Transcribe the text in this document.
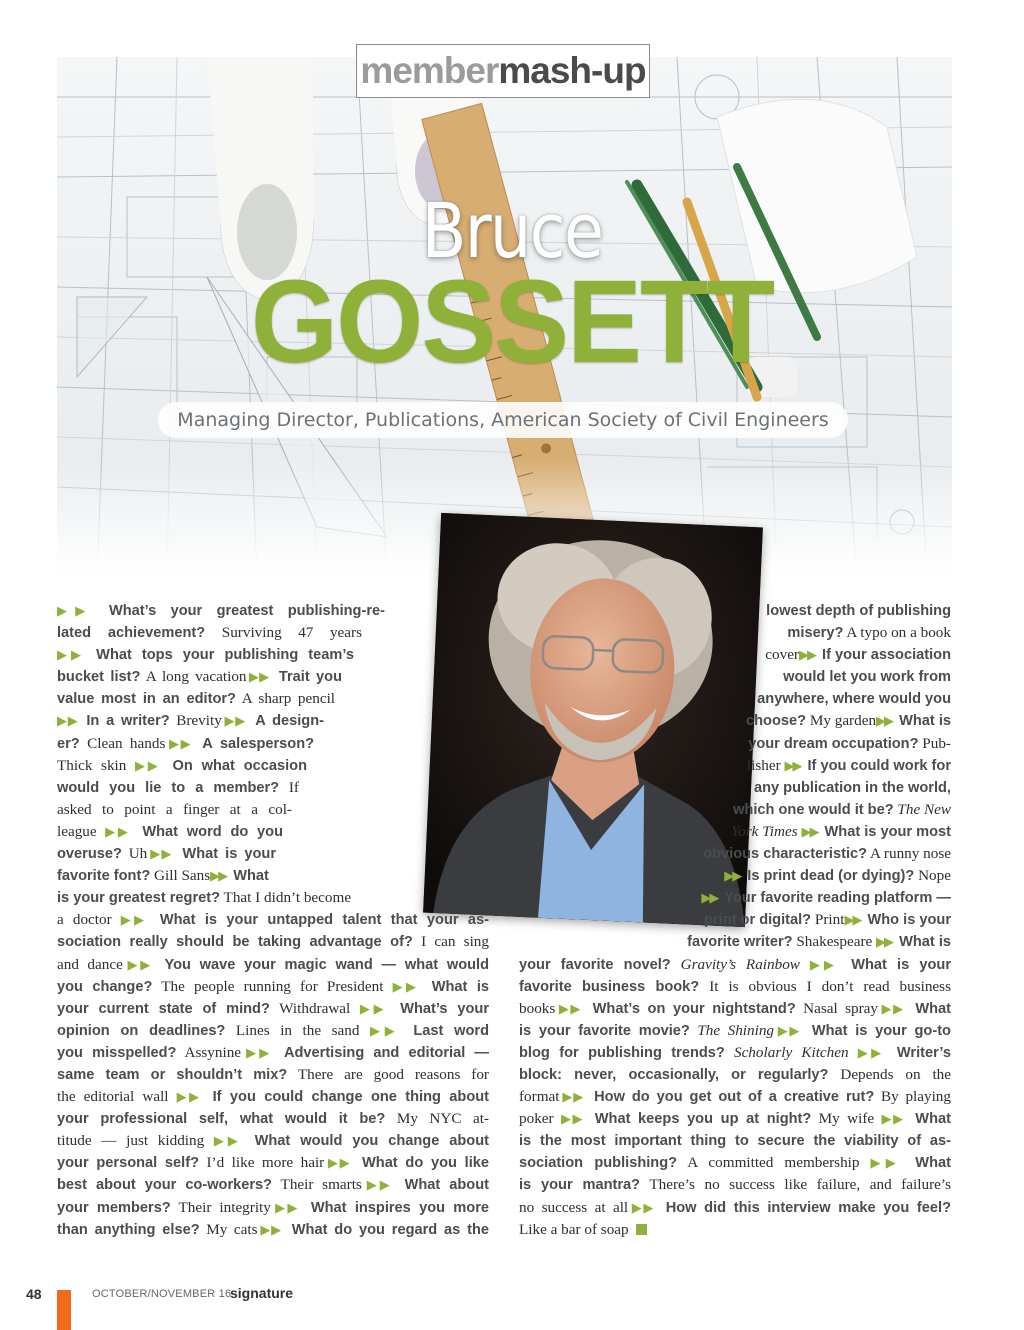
membermash-up
Bruce
GOSSETT
Managing Director, Publications, American Society of Civil Engineers
▶▶ What’s your greatest publishing-re-
lated achievement? Surviving 47 years
▶▶ What tops your publishing team’s
bucket list? A long vacation▶▶ Trait you
value most in an editor? A sharp pencil
▶▶ In a writer? Brevity▶▶ A design-
er? Clean hands▶▶ A salesperson?
Thick skin ▶▶ On what occasion
would you lie to a member? If
asked to point a finger at a col-
league ▶▶ What word do you
overuse? Uh▶▶ What is your
favorite font? Gill Sans▶▶ What
is your greatest regret? That I didn’t become
a doctor ▶▶ What is your untapped talent that your as-
sociation really should be taking advantage of? I can sing
and dance▶▶ You wave your magic wand — what would
you change? The people running for President ▶▶ What is
your current state of mind? Withdrawal ▶▶ What’s your
opinion on deadlines? Lines in the sand ▶▶ Last word
you misspelled? Assynine▶▶ Advertising and editorial —
same team or shouldn’t mix? There are good reasons for
the editorial wall ▶▶ If you could change one thing about
your professional self, what would it be? My NYC at-
titude — just kidding ▶▶ What would you change about
your personal self? I’d like more hair▶▶ What do you like
best about your co-workers? Their smarts▶▶ What about
your members? Their integrity▶▶ What inspires you more
than anything else? My cats▶▶ What do you regard as the
lowest depth of publishing
misery? A typo on a book
cover▶▶ If your association
would let you work from
anywhere, where would you
choose? My garden▶▶ What is
your dream occupation? Pub-
lisher ▶▶ If you could work for
any publication in the world,
which one would it be? The New
York Times ▶▶ What is your most
obvious characteristic? A runny nose
▶▶ Is print dead (or dying)? Nope
▶▶ Your favorite reading platform —
print or digital? Print▶▶ Who is your
favorite writer? Shakespeare ▶▶ What is
your favorite novel? Gravity’s Rainbow ▶▶ What is your
favorite business book? It is obvious I don’t read business
books▶▶ What’s on your nightstand? Nasal spray▶▶ What
is your favorite movie? The Shining▶▶ What is your go-to
blog for publishing trends? Scholarly Kitchen ▶▶ Writer’s
block: never, occasionally, or regularly? Depends on the
format▶▶ How do you get out of a creative rut? By playing
poker ▶▶ What keeps you up at night? My wife ▶▶ What
is the most important thing to secure the viability of as-
sociation publishing? A committed membership ▶▶ What
is your mantra? There’s no success like failure, and failure’s
no success at all▶▶ How did this interview make you feel?
Like a bar of soap
48	OCTOBER/NOVEMBER 16
signature
